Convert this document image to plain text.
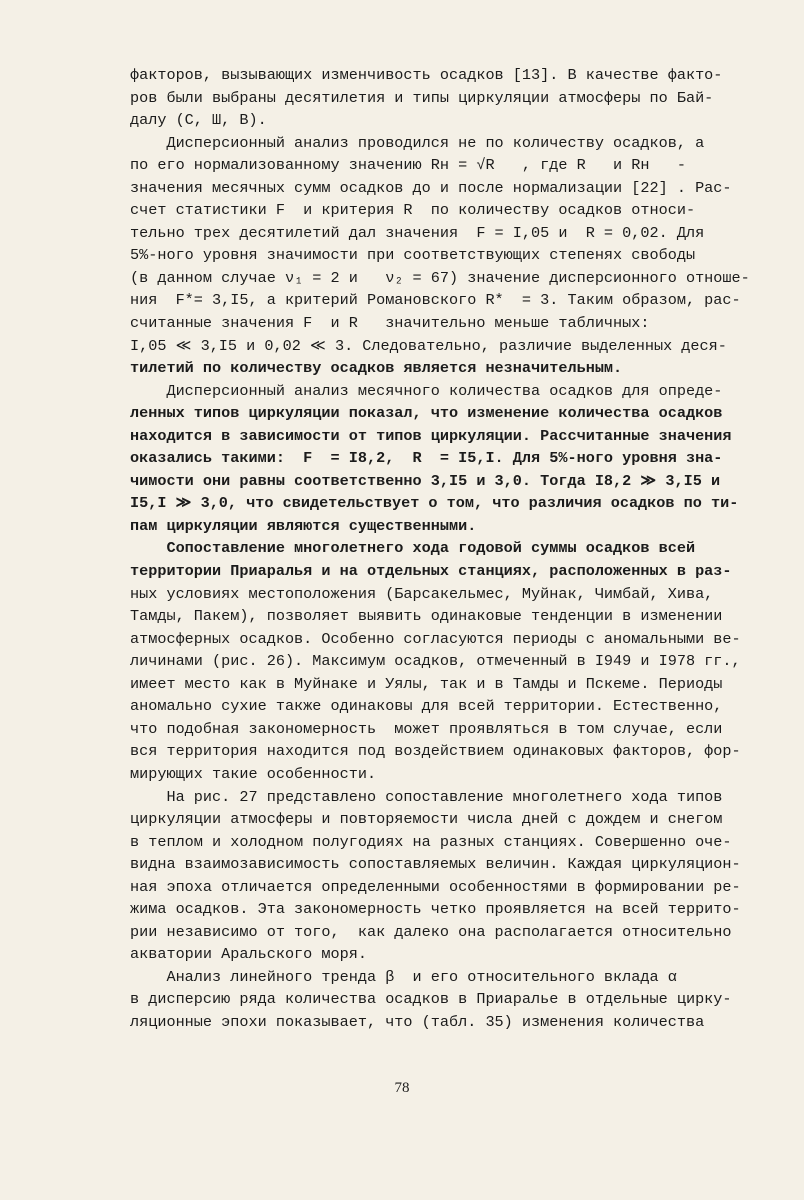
факторов, вызывающих изменчивость осадков [13]. В качестве факто-
ров были выбраны десятилетия и типы циркуляции атмосферы по Бай-
далу (С, Ш, В).
Дисперсионный анализ проводился не по количеству осадков, а
по его нормализованному значению Rн = √R   , где R   и Rн   -
значения месячных сумм осадков до и после нормализации [22] . Рас-
счет статистики F  и критерия R  по количеству осадков относи-
тельно трех десятилетий дал значения  F = I,05 и  R = 0,02. Для
5%-ного уровня значимости при соответствующих степенях свободы
(в данном случае ν₁ = 2 и   ν₂ = 67) значение дисперсионного отноше-
ния  F*= 3,I5, а критерий Романовского R*  = 3. Таким образом, рас-
считанные значения F  и R   значительно меньше табличных:
I,05 ≪ 3,I5 и 0,02 ≪ 3. Следовательно, различие выделенных деся-
тилетий по количеству осадков является незначительным.
Дисперсионный анализ месячного количества осадков для опреде-
ленных типов циркуляции показал, что изменение количества осадков
находится в зависимости от типов циркуляции. Рассчитанные значения
оказались такими:  F  = I8,2,  R  = I5,I. Для 5%-ного уровня зна-
чимости они равны соответственно 3,I5 и 3,0. Тогда I8,2 ≫ 3,I5 и
I5,I ≫ 3,0, что свидетельствует о том, что различия осадков по ти-
пам циркуляции являются существенными.
Сопоставление многолетнего хода годовой суммы осадков всей
территории Приаралья и на отдельных станциях, расположенных в раз-
ных условиях местоположения (Барсакельмес, Муйнак, Чимбай, Хива,
Тамды, Пакем), позволяет выявить одинаковые тенденции в изменении
атмосферных осадков. Особенно согласуются периоды с аномальными ве-
личинами (рис. 26). Максимум осадков, отмеченный в I949 и I978 гг.,
имеет место как в Муйнаке и Уялы, так и в Тамды и Пскеме. Периоды
аномально сухие также одинаковы для всей территории. Естественно,
что подобная закономерность  может проявляться в том случае, если
вся территория находится под воздействием одинаковых факторов, фор-
мирующих такие особенности.
На рис. 27 представлено сопоставление многолетнего хода типов
циркуляции атмосферы и повторяемости числа дней с дождем и снегом
в теплом и холодном полугодиях на разных станциях. Совершенно оче-
видна взаимозависимость сопоставляемых величин. Каждая циркуляцион-
ная эпоха отличается определенными особенностями в формировании ре-
жима осадков. Эта закономерность четко проявляется на всей террито-
рии независимо от того,  как далеко она располагается относительно
акватории Аральского моря.
Анализ линейного тренда β  и его относительного вклада α
в дисперсию ряда количества осадков в Приаралье в отдельные цирку-
ляционные эпохи показывает, что (табл. 35) изменения количества
78
